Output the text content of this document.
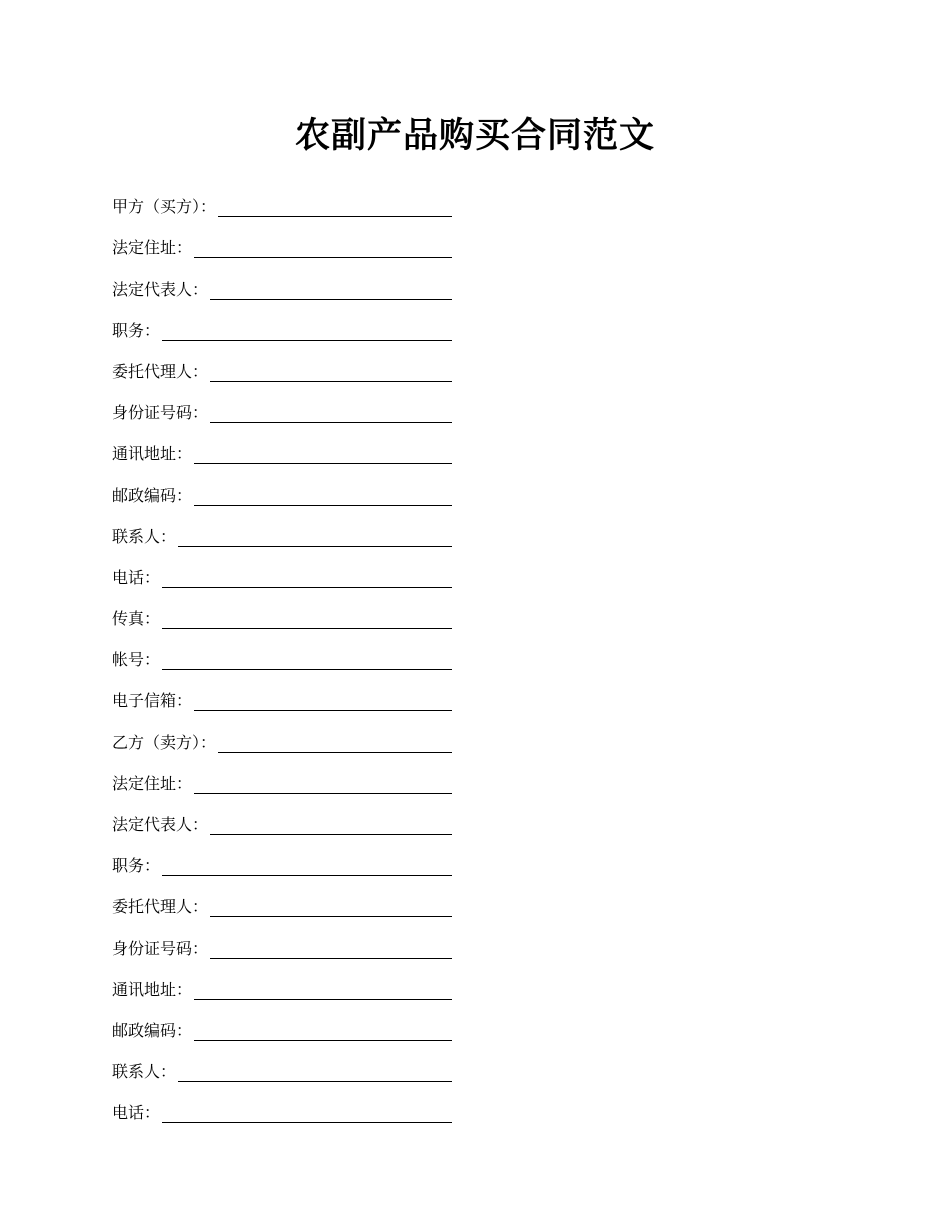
农副产品购买合同范文
甲方（买方）：
法定住址：
法定代表人：
职务：
委托代理人：
身份证号码：
通讯地址：
邮政编码：
联系人：
电话：
传真：
帐号：
电子信箱：
乙方（卖方）：
法定住址：
法定代表人：
职务：
委托代理人：
身份证号码：
通讯地址：
邮政编码：
联系人：
电话：
